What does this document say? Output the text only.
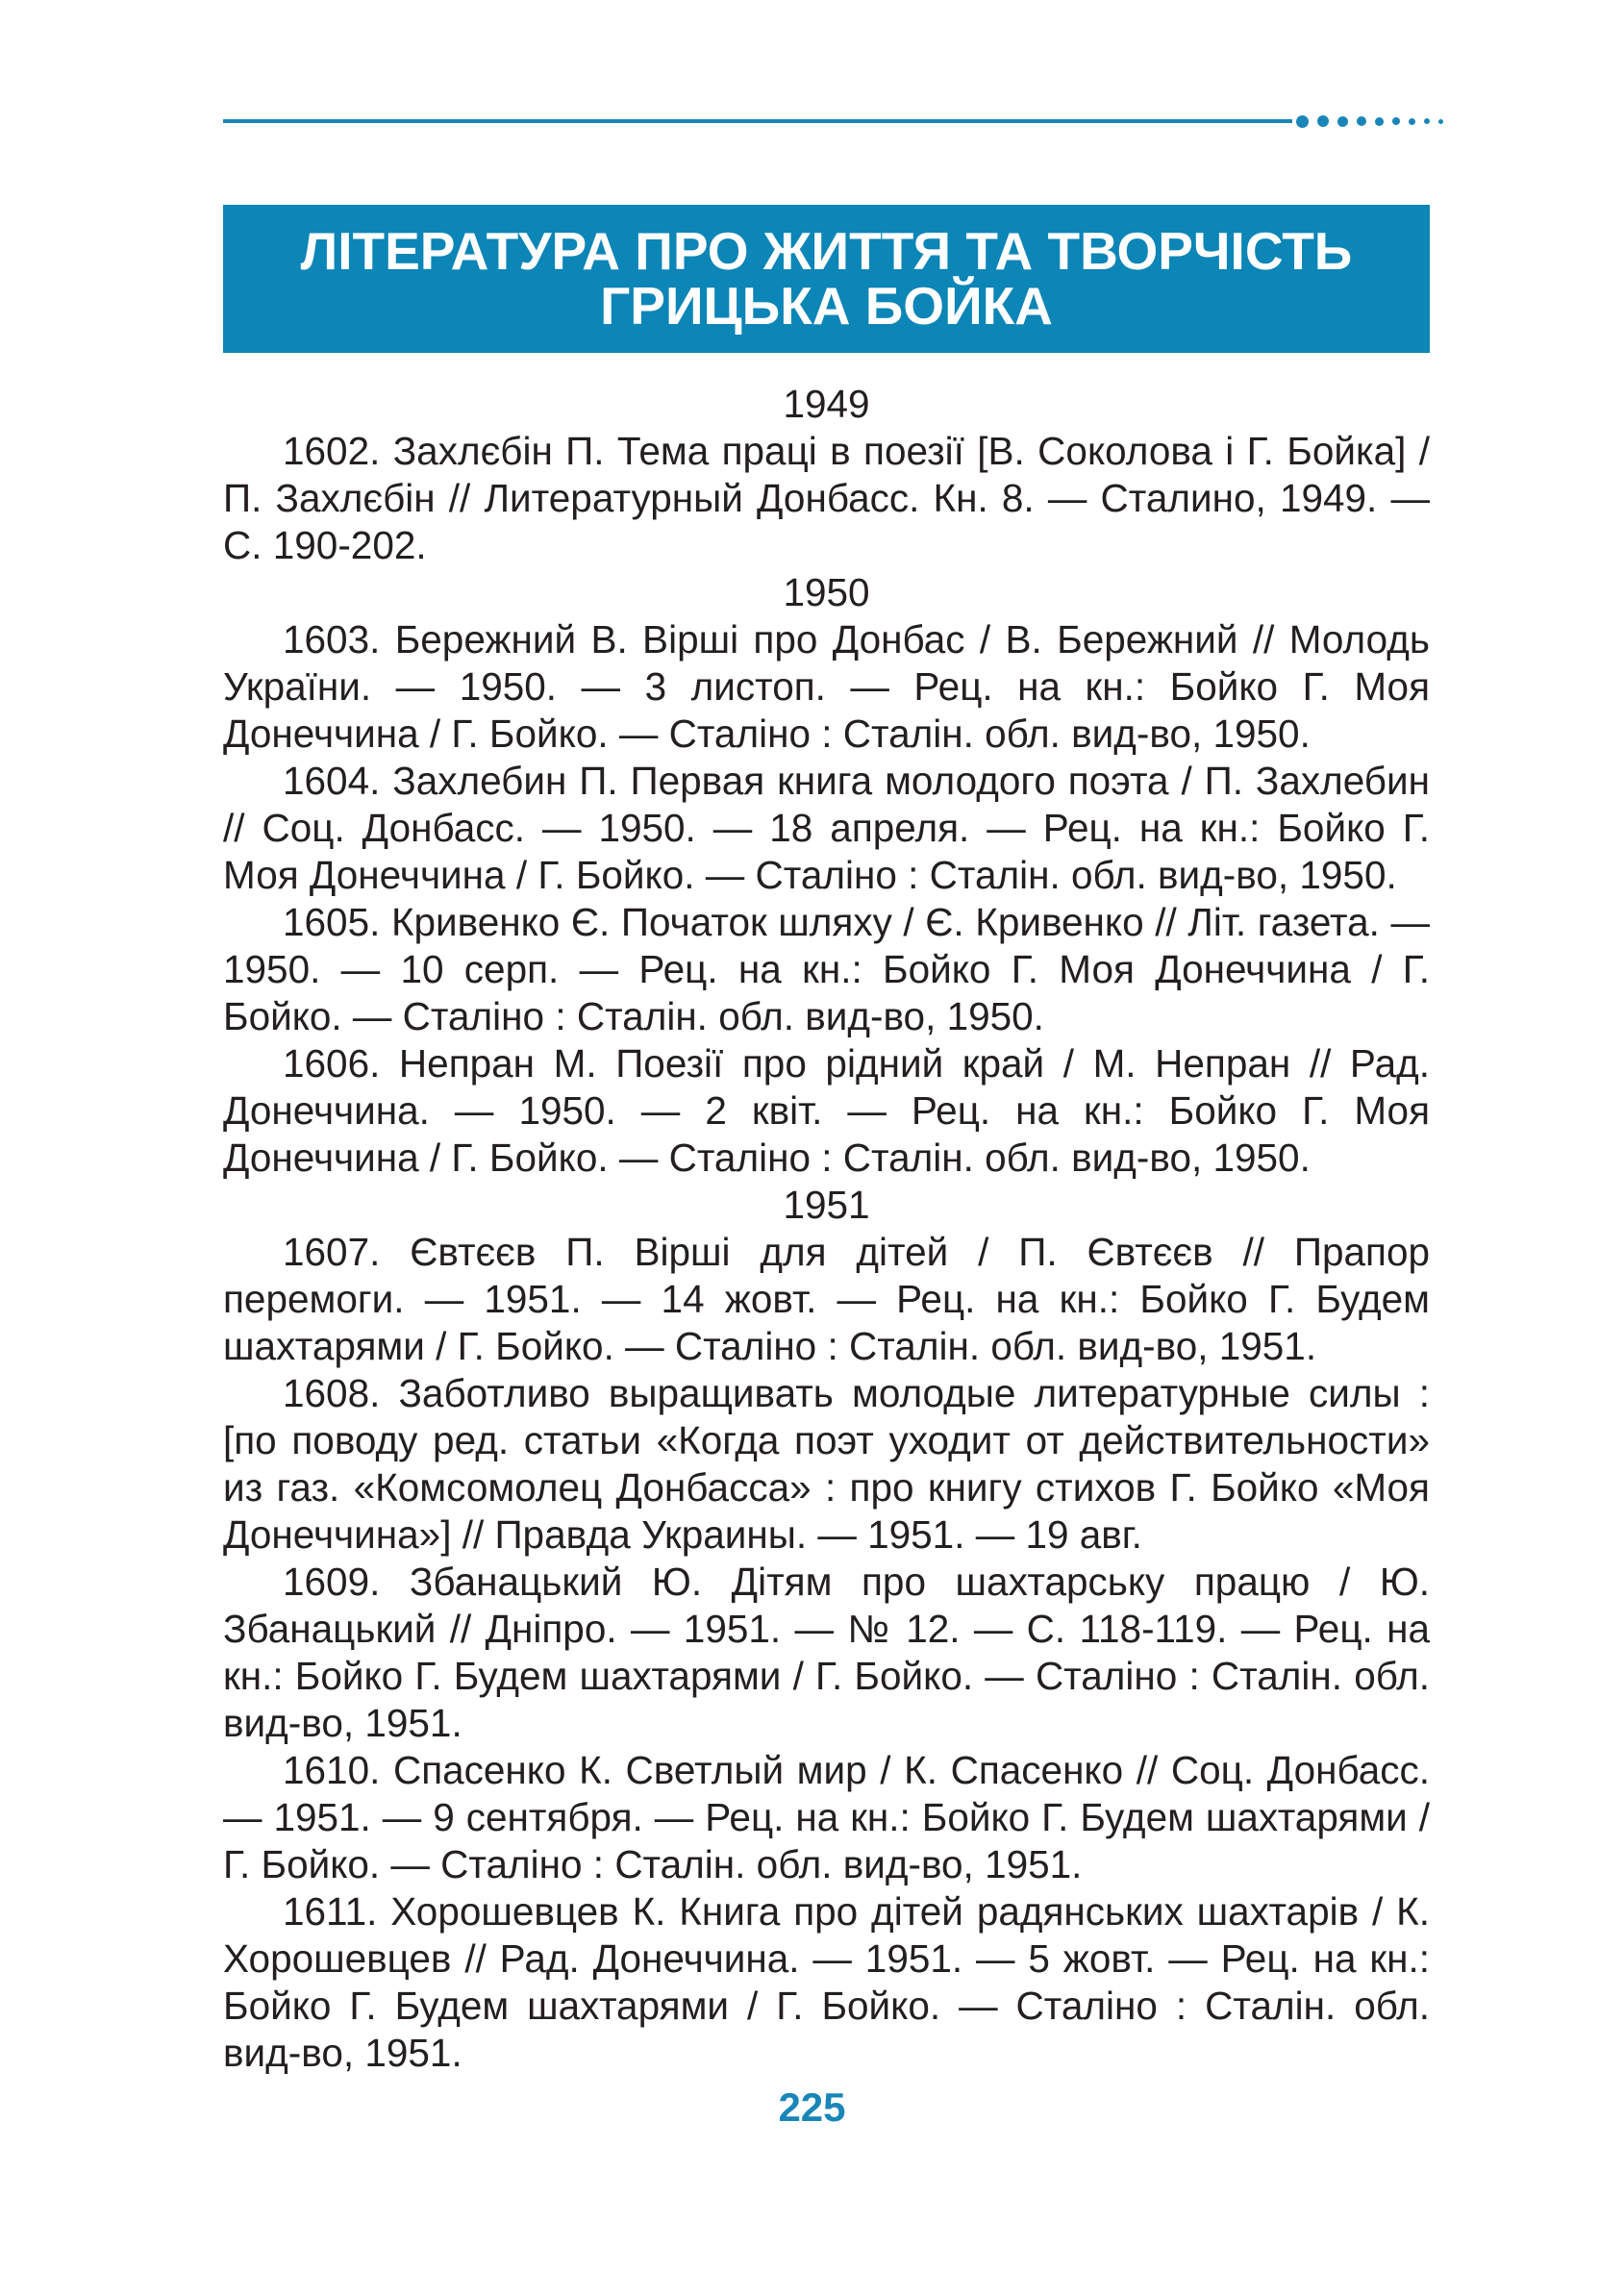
ЛІТЕРАТУРА ПРО ЖИТТЯ ТА ТВОРЧІСТЬ
ГРИЦЬКА БОЙКА

1949

1602. Захлєбін П. Тема праці в поезії [В. Соколова і Г. Бойка] / П. Захлєбін // Литературный Донбасс. Кн. 8. — Сталино, 1949. — С. 190-202.

1950

1603. Бережний В. Вірші про Донбас / В. Бережний // Молодь України. — 1950. — 3 листоп. — Рец. на кн.: Бойко Г. Моя Донеччина / Г. Бойко. — Сталіно : Сталін. обл. вид-во, 1950.

1604. Захлебин П. Первая книга молодого поэта / П. Захлебин // Соц. Донбасс. — 1950. — 18 апреля. — Рец. на кн.: Бойко Г. Моя Донеччина / Г. Бойко. — Сталіно : Сталін. обл. вид-во, 1950.

1605. Кривенко Є. Початок шляху / Є. Кривенко // Літ. газета. — 1950. — 10 серп. — Рец. на кн.: Бойко Г. Моя Донеччина / Г. Бойко. — Сталіно : Сталін. обл. вид-во, 1950.

1606. Непран М. Поезії про рідний край / М. Непран // Рад. Донеччина. — 1950. — 2 квіт. — Рец. на кн.: Бойко Г. Моя Донеччина / Г. Бойко. — Сталіно : Сталін. обл. вид-во, 1950.

1951

1607. Євтєєв П. Вірші для дітей / П. Євтєєв // Прапор перемоги. — 1951. — 14 жовт. — Рец. на кн.: Бойко Г. Будем шахтарями / Г. Бойко. — Сталіно : Сталін. обл. вид-во, 1951.

1608. Заботливо выращивать молодые литературные силы : [по поводу ред. статьи «Когда поэт уходит от действительности» из газ. «Комсомолец Донбасса» : про книгу стихов Г. Бойко «Моя Донеччина»] // Правда Украины. — 1951. — 19 авг.

1609. Збанацький Ю. Дітям про шахтарську працю / Ю. Збанацький // Дніпро. — 1951. — № 12. — С. 118-119. — Рец. на кн.: Бойко Г. Будем шахтарями / Г. Бойко. — Сталіно : Сталін. обл. вид-во, 1951.

1610. Спасенко К. Светлый мир / К. Спасенко // Соц. Донбасс. — 1951. — 9 сентября. — Рец. на кн.: Бойко Г. Будем шахтарями / Г. Бойко. — Сталіно : Сталін. обл. вид-во, 1951.

1611. Хорошевцев К. Книга про дітей радянських шахтарів / К. Хорошевцев // Рад. Донеччина. — 1951. — 5 жовт. — Рец. на кн.: Бойко Г. Будем шахтарями / Г. Бойко. — Сталіно : Сталін. обл. вид-во, 1951.

225
